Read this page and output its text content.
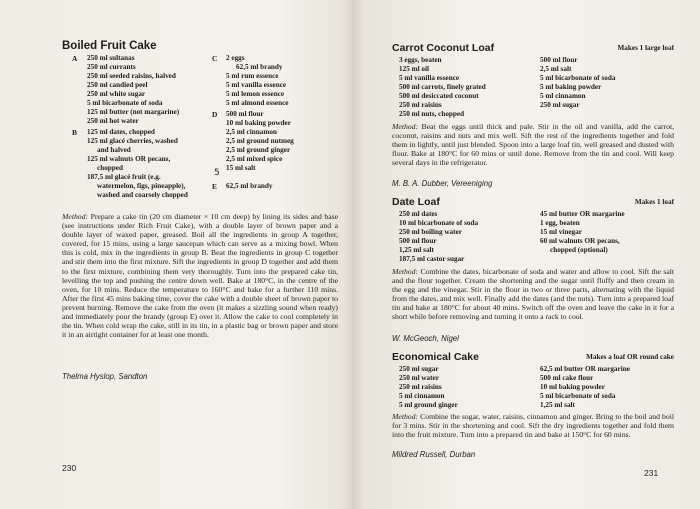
Boiled Fruit Cake
A 250 ml sultanas
250 ml currants
250 ml seeded raisins, halved
250 ml candied peel
250 ml white sugar
5 ml bicarbonate of soda
125 ml butter (not margarine)
250 ml hot water
B 125 ml dates, chopped
125 ml glacé cherries, washed
and halved
125 ml walnuts OR pecans,
chopped
187,5 ml glacé fruit (e.g.
watermelon, figs, pineapple),
washed and coarsely chopped
C 2 eggs
62,5 ml brandy
5 ml rum essence
5 ml vanilla essence
5 ml lemon essence
5 ml almond essence
D 500 ml flour
10 ml baking powder
2,5 ml cinnamon
2,5 ml ground nutmeg
2,5 ml ground ginger
2,5 ml mixed spice
15 ml salt
5
E 62,5 ml brandy
Method: Prepare a cake tin (20 cm diameter × 10 cm deep) by lining its sides and base (see instructions under Rich Fruit Cake), with a double layer of brown paper and a double layer of waxed paper, greased. Boil all the ingredients in group A together, covered, for 15 mins, using a large saucepan which can serve as a mixing bowl. When this is cold, mix in the ingredients in group B. Beat the ingredients in group C together and stir them into the first mixture. Sift the ingredients in group D together and add them to the first mixture, combining them very thoroughly. Turn into the prepared cake tin, levelling the top and pushing the centre down well. Bake at 180°C, in the centre of the oven, for 10 mins. Reduce the temperature to 160°C and bake for a further 110 mins. After the first 45 mins baking time, cover the cake with a double sheet of brown paper to prevent burning. Remove the cake from the oven (it makes a sizzling sound when ready) and immediately pour the brandy (group E) over it. Allow the cake to cool completely in the tin. When cold wrap the cake, still in its tin, in a plastic bag or brown paper and store it in an airtight container for at least one month.
Thelma Hyslop, Sandton
230
Carrot Coconut Loaf	Makes 1 large loaf
3 eggs, beaten
125 ml oil
5 ml vanilla essence
500 ml carrots, finely grated
500 ml desiccated coconut
250 ml raisins
250 ml nuts, chopped
500 ml flour
2,5 ml salt
5 ml bicarbonate of soda
5 ml baking powder
5 ml cinnamon
250 ml sugar
Method: Beat the eggs until thick and pale. Stir in the oil and vanilla, add the carrot, coconut, raisins and nuts and mix well. Sift the rest of the ingredients together and fold them in lightly, until just blended. Spoon into a large loaf tin, well greased and dusted with flour. Bake at 180°C for 60 mins or until done. Remove from the tin and cool. Will keep several days in the refrigerator.
M. B. A. Dubber, Vereeniging
Date Loaf	Makes 1 loaf
250 ml dates
10 ml bicarbonate of soda
250 ml boiling water
500 ml flour
1,25 ml salt
187,5 ml castor sugar
45 ml butter OR margarine
1 egg, beaten
15 ml vinegar
60 ml walnuts OR pecans,
chopped (optional)
Method: Combine the dates, bicarbonate of soda and water and allow to cool. Sift the salt and the flour together. Cream the shortening and the sugar until fluffy and then cream in the egg and the vinegar. Stir in the flour in two or three parts, alternating with the liquid from the dates, and mix well. Finally add the dates (and the nuts). Turn into a prepared loaf tin and bake at 180°C for about 40 mins. Switch off the oven and leave the cake in it for a short while before removing and turning it onto a rack to cool.
W. McGeoch, Nigel
Economical Cake	Makes a loaf OR round cake
250 ml sugar
250 ml water
250 ml raisins
5 ml cinnamon
5 ml ground ginger
62,5 ml butter OR margarine
500 ml cake flour
10 ml baking powder
5 ml bicarbonate of soda
1,25 ml salt
Method: Combine the sugar, water, raisins, cinnamon and ginger. Bring to the boil and boil for 3 mins. Stir in the shortening and cool. Sift the dry ingredients together and fold them into the fruit mixture. Turn into a prepared tin and bake at 150°C for 60 mins.
Mildred Russell, Durban
231
